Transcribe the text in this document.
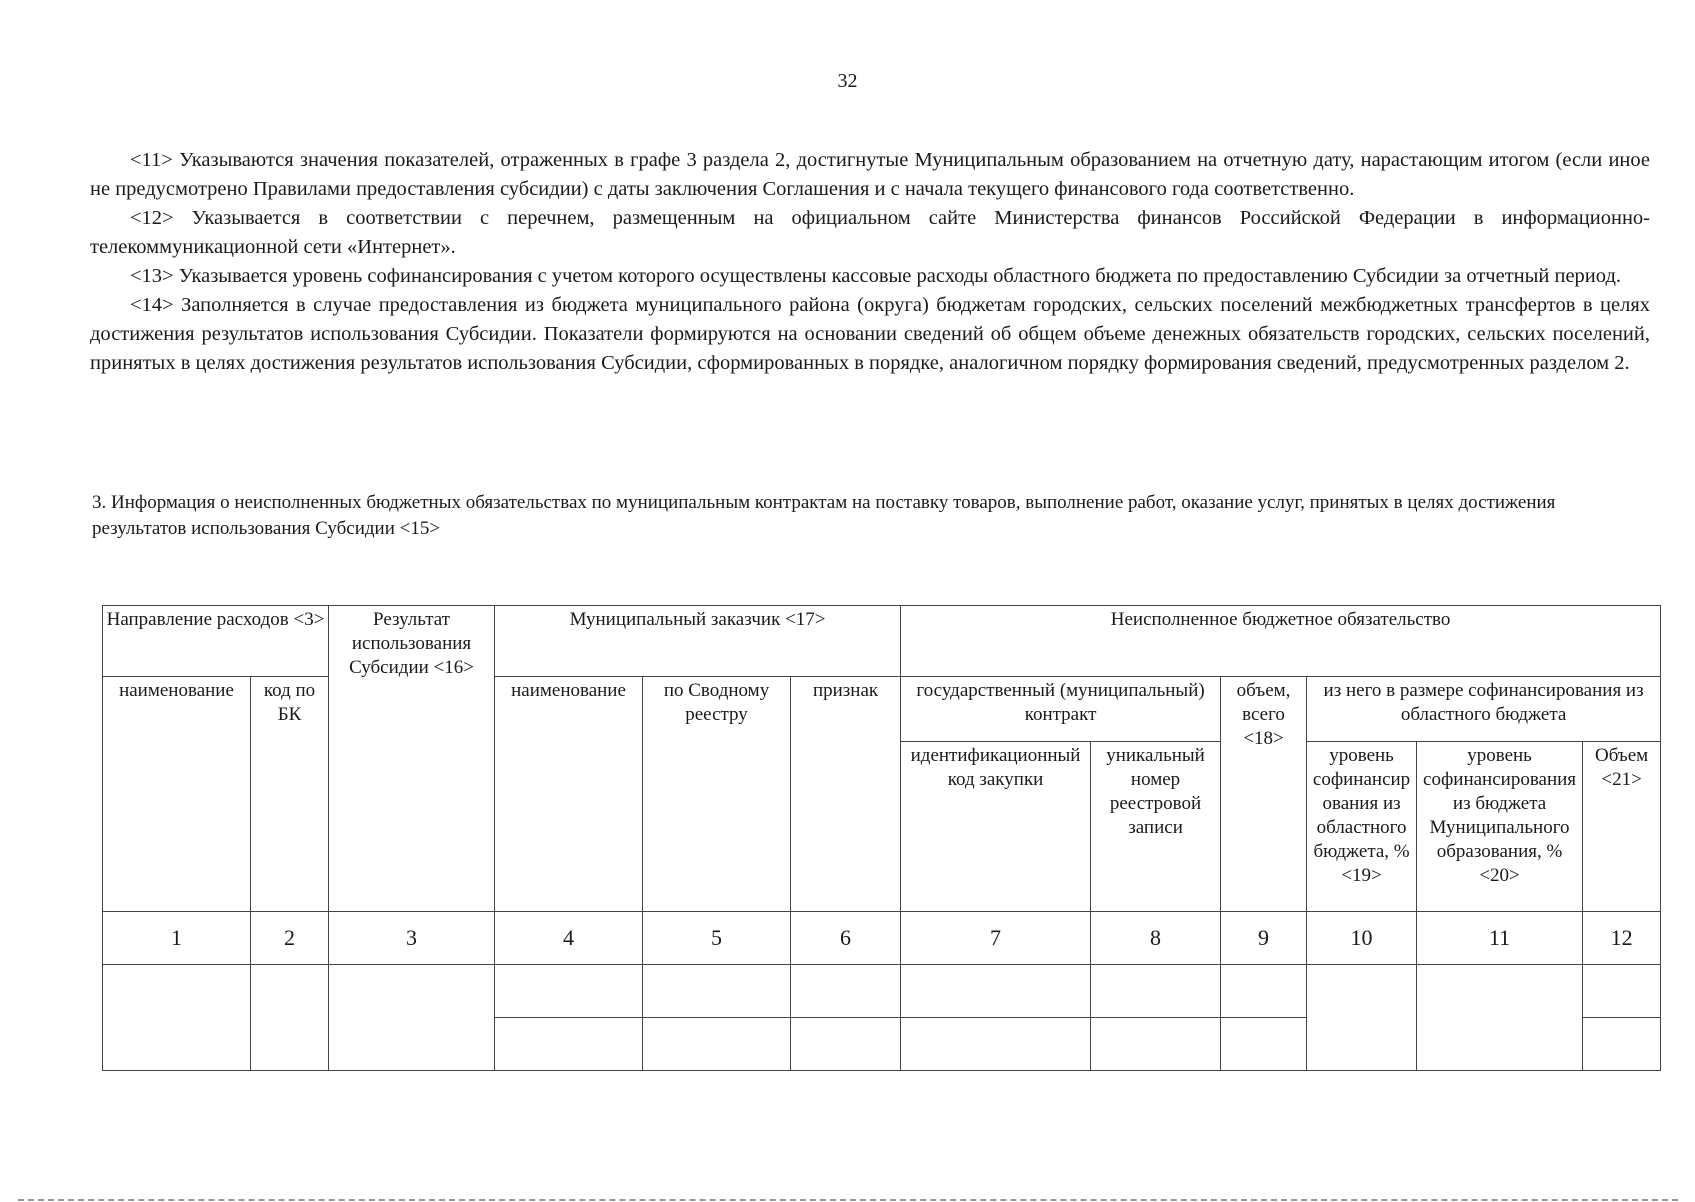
32

<11> Указываются значения показателей, отраженных в графе 3 раздела 2, достигнутые Муниципальным образованием на отчетную дату, нарастающим итогом (если иное не предусмотрено Правилами предоставления субсидии) с даты заключения Соглашения и с начала текущего финансового года соответственно.

<12> Указывается в соответствии с перечнем, размещенным на официальном сайте Министерства финансов Российской Федерации в информационно-телекоммуникационной сети «Интернет».

<13> Указывается уровень софинансирования с учетом которого осуществлены кассовые расходы областного бюджета по предоставлению Субсидии за отчетный период.

<14> Заполняется в случае предоставления из бюджета муниципального района (округа) бюджетам городских, сельских поселений межбюджетных трансфертов в целях достижения результатов использования Субсидии. Показатели формируются на основании сведений об общем объеме денежных обязательств городских, сельских поселений, принятых в целях достижения результатов использования Субсидии, сформированных в порядке, аналогичном порядку формирования сведений, предусмотренных разделом 2.

3. Информация о неисполненных бюджетных обязательствах по муниципальным контрактам на поставку товаров, выполнение работ, оказание услуг, принятых в целях достижения результатов использования Субсидии <15>
Направление расходов <3>		Результат использования Субсидии <16>	Муниципальный заказчик <17>			Неисполненное бюджетное обязательство					
наименование	код по БК		наименование	по Сводному реестру	признак	государственный (муниципальный) контракт		объем, всего <18>	из него в размере софинансирования из областного бюджета		
						идентификационный код закупки	уникальный номер реестровой записи		уровень софинансирования из областного бюджета, % <19>	уровень софинансирования из бюджета Муниципального образования, % <20>	Объем <21>
1	2	3	4	5	6	7	8	9	10	11	12
